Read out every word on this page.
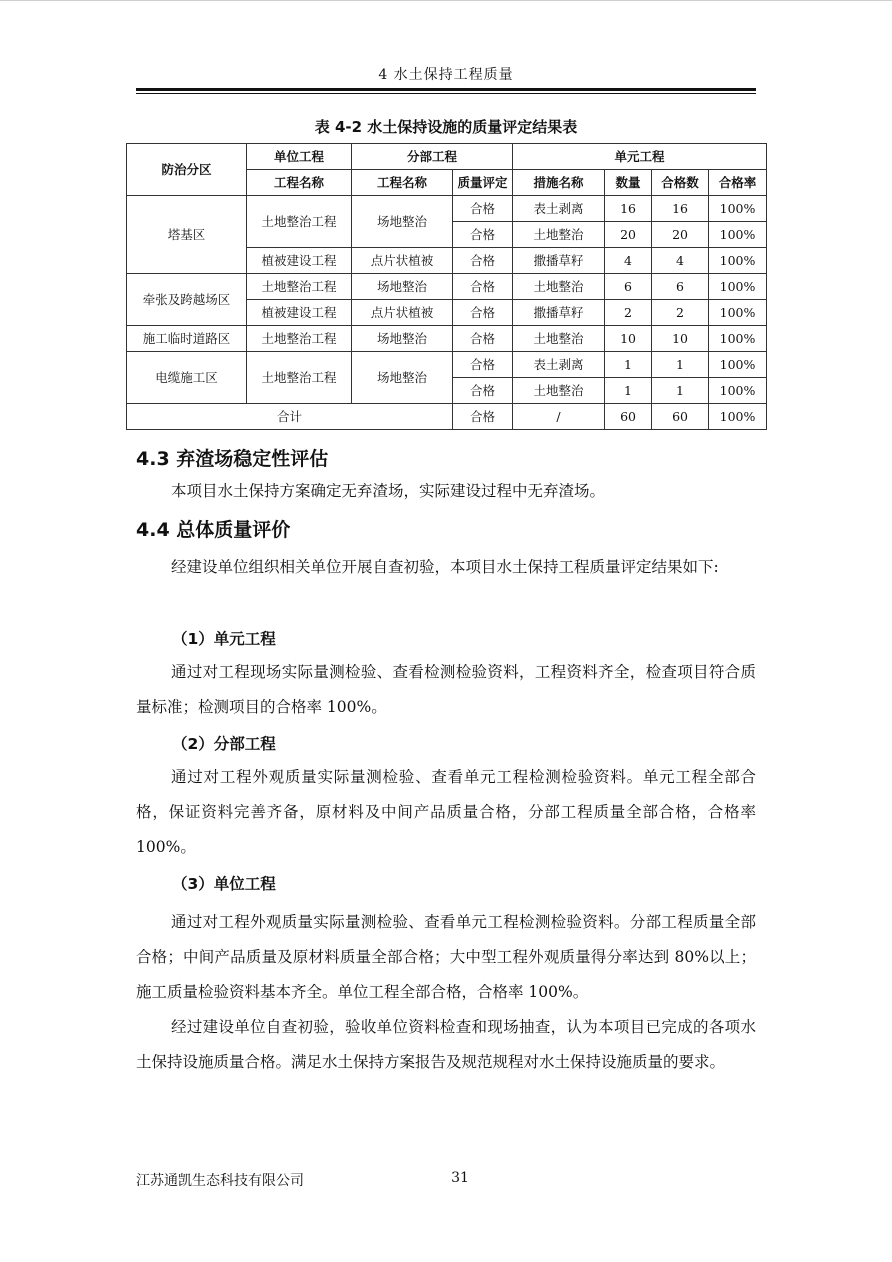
4 水土保持工程质量
表 4-2 水土保持设施的质量评定结果表
防治分区	单位工程	分部工程		单元工程			
	工程名称	工程名称	质量评定	措施名称	数量	合格数	合格率
塔基区	土地整治工程	场地整治	合格	表土剥离	16	16	100%
			合格	土地整治	20	20	100%
	植被建设工程	点片状植被	合格	撒播草籽	4	4	100%
牵张及跨越场区	土地整治工程	场地整治	合格	土地整治	6	6	100%
	植被建设工程	点片状植被	合格	撒播草籽	2	2	100%
施工临时道路区	土地整治工程	场地整治	合格	土地整治	10	10	100%
电缆施工区	土地整治工程	场地整治	合格	表土剥离	1	1	100%
			合格	土地整治	1	1	100%
合计			合格	/	60	60	100%
4.3 弃渣场稳定性评估
本项目水土保持方案确定无弃渣场，实际建设过程中无弃渣场。
4.4 总体质量评价
经建设单位组织相关单位开展自查初验，本项目水土保持工程质量评定结果如下:
（1）单元工程
通过对工程现场实际量测检验、查看检测检验资料，工程资料齐全，检查项目符合质量标准；检测项目的合格率 100%。
（2）分部工程
通过对工程外观质量实际量测检验、查看单元工程检测检验资料。单元工程全部合格，保证资料完善齐备，原材料及中间产品质量合格，分部工程质量全部合格，合格率 100%。
（3）单位工程
通过对工程外观质量实际量测检验、查看单元工程检测检验资料。分部工程质量全部合格；中间产品质量及原材料质量全部合格；大中型工程外观质量得分率达到 80%以上；施工质量检验资料基本齐全。单位工程全部合格，合格率 100%。
经过建设单位自查初验，验收单位资料检查和现场抽查，认为本项目已完成的各项水土保持设施质量合格。满足水土保持方案报告及规范规程对水土保持设施质量的要求。
江苏通凯生态科技有限公司	31
